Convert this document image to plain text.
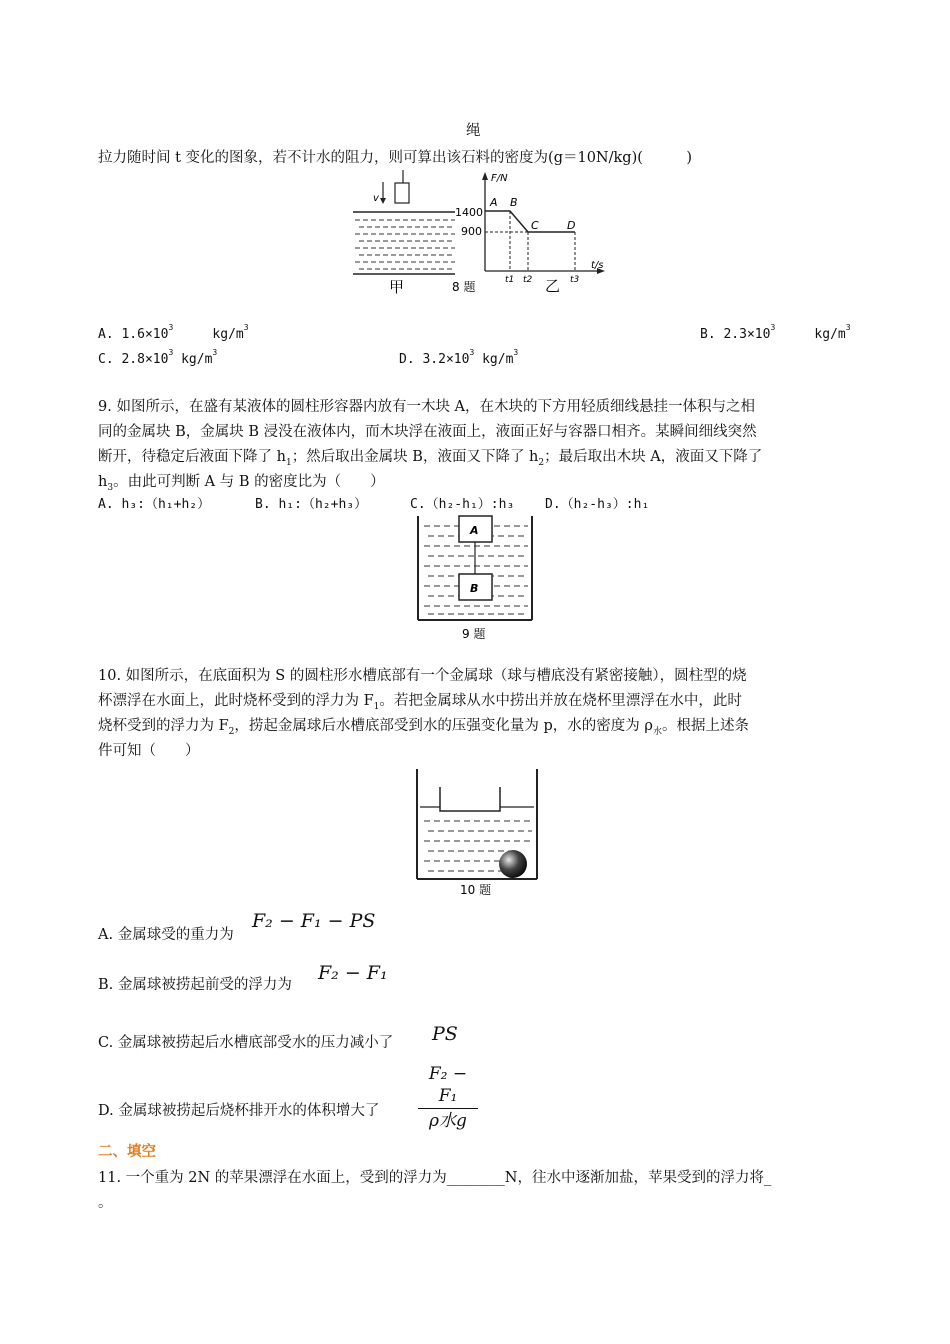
绳
拉力随时间 t 变化的图象，若不计水的阻力，则可算出该石料的密度为(g＝10N/kg)(　　　)
v
甲	8 题
F/N
t/s
1400
900
A B
C	D
t1 t2	t3
乙
A. $1.6\times 10^3$	$kg/m^3$	B. $2.3\times 10^3$	$kg/m^3$
C. $2.8\times 10^3$ $kg/m^3$	D. $3.2\times 10^3$ $kg/m^3$
9. 如图所示，在盛有某液体的圆柱形容器内放有一木块 A，在木块的下方用轻质细线悬挂一体积与之相
同的金属块 B，金属块 B 浸没在液体内，而木块浮在液面上，液面正好与容器口相齐。某瞬间细线突然
断开，待稳定后液面下降了 $h_1$；然后取出金属块 B，液面又下降了 $h_2$；最后取出木块 A，液面又下降了
$h_3$。由此可判断 A 与 B 的密度比为（　　）
A. h₃:（h₁+h₂）	B. h₁:（h₂+h₃）	C.（h₂-h₁）:h₃ D.（h₂-h₃）:h₁
A
B
9 题
10. 如图所示，在底面积为 S 的圆柱形水槽底部有一个金属球（球与槽底没有紧密接触），圆柱型的烧
杯漂浮在水面上，此时烧杯受到的浮力为 $F_1$。若把金属球从水中捞出并放在烧杯里漂浮在水中，此时
烧杯受到的浮力为 $F_2$，捞起金属球后水槽底部受到水的压强变化量为 p，水的密度为 $\rho_水$。根据上述条
件可知（　　）
10 题
A. 金属球受的重力为
F₂ − F₁ − PS
B. 金属球被捞起前受的浮力为
F₂ − F₁
C. 金属球被捞起后水槽底部受水的压力减小了 PS
D. 金属球被捞起后烧杯排开水的体积增大了
F₂ − F₁
ρ水g
二、填空
11. 一个重为 2N 的苹果漂浮在水面上，受到的浮力为________N，往水中逐渐加盐，苹果受到的浮力将_
。
